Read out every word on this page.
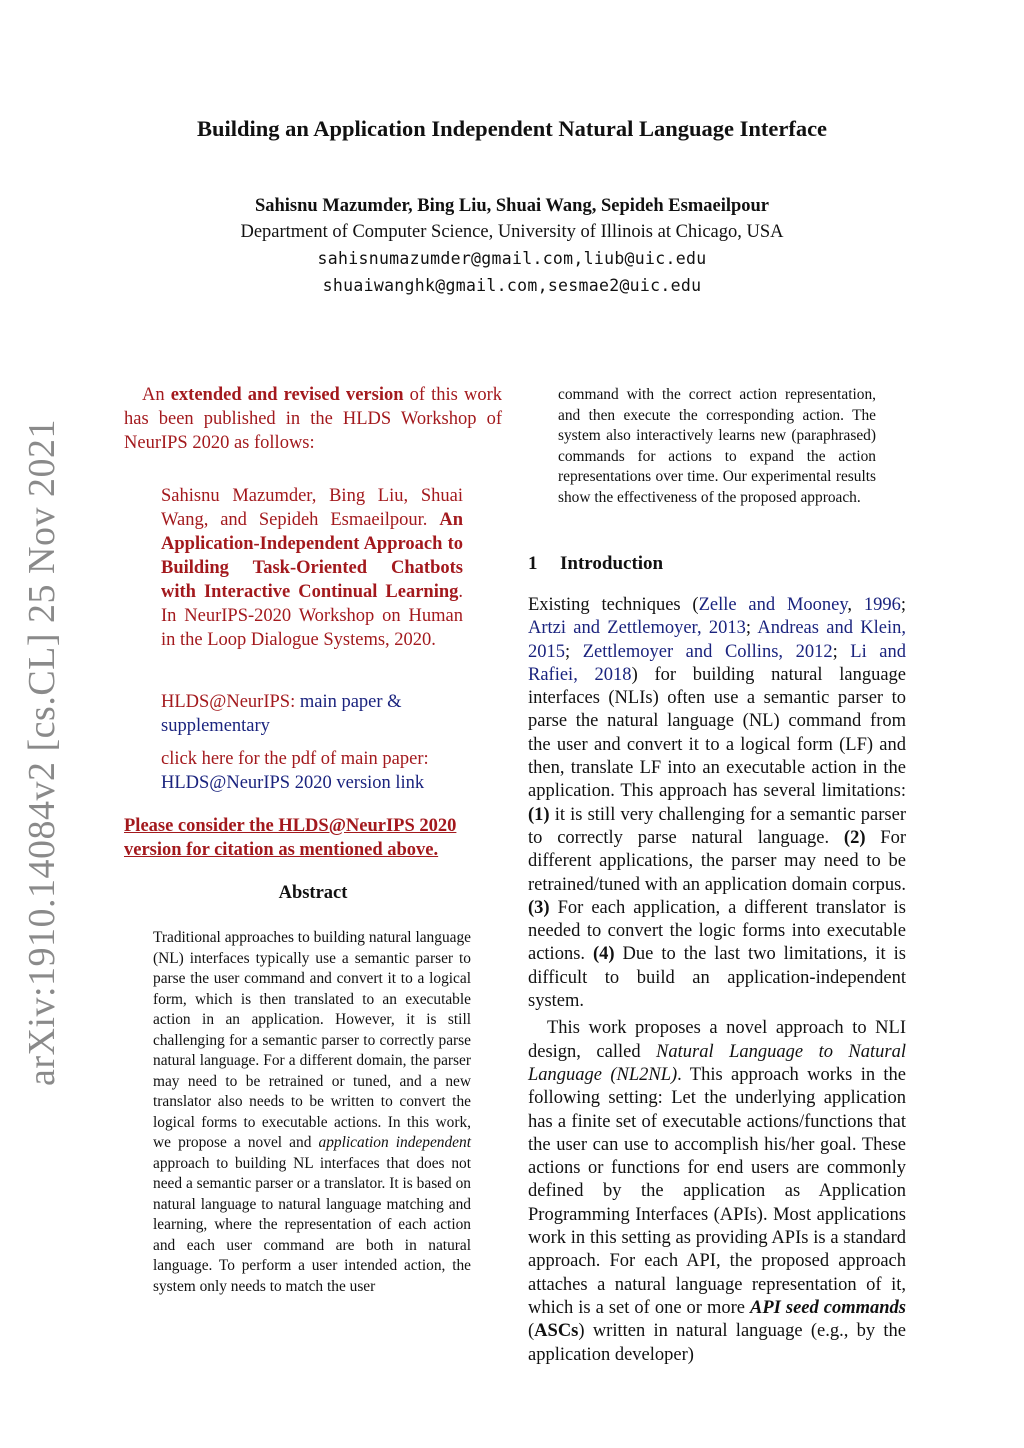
arXiv:1910.14084v2 [cs.CL] 25 Nov 2021
Building an Application Independent Natural Language Interface
Sahisnu Mazumder, Bing Liu, Shuai Wang, Sepideh Esmaeilpour
Department of Computer Science, University of Illinois at Chicago, USA
sahisnumazumder@gmail.com,liub@uic.edu
shuaiwanghk@gmail.com,sesmae2@uic.edu
An extended and revised version of this work has been published in the HLDS Workshop of NeurIPS 2020 as follows:
Sahisnu Mazumder, Bing Liu, Shuai Wang, and Sepideh Esmaeilpour. An Application-Independent Approach to Building Task-Oriented Chatbots with Interactive Continual Learning. In NeurIPS-2020 Workshop on Human in the Loop Dialogue Systems, 2020.
HLDS@NeurIPS: main paper & supplementary
click here for the pdf of main paper: HLDS@NeurIPS 2020 version link
Please consider the HLDS@NeurIPS 2020 version for citation as mentioned above.
Abstract
Traditional approaches to building natural language (NL) interfaces typically use a semantic parser to parse the user command and convert it to a logical form, which is then translated to an executable action in an application. However, it is still challenging for a semantic parser to correctly parse natural language. For a different domain, the parser may need to be retrained or tuned, and a new translator also needs to be written to convert the logical forms to executable actions. In this work, we propose a novel and application independent approach to building NL interfaces that does not need a semantic parser or a translator. It is based on natural language to natural language matching and learning, where the representation of each action and each user command are both in natural language. To perform a user intended action, the system only needs to match the user
command with the correct action representation, and then execute the corresponding action. The system also interactively learns new (paraphrased) commands for actions to expand the action representations over time. Our experimental results show the effectiveness of the proposed approach.
1 Introduction

Existing techniques (Zelle and Mooney, 1996; Artzi and Zettlemoyer, 2013; Andreas and Klein, 2015; Zettlemoyer and Collins, 2012; Li and Rafiei, 2018) for building natural language interfaces (NLIs) often use a semantic parser to parse the natural language (NL) command from the user and convert it to a logical form (LF) and then, translate LF into an executable action in the application. This approach has several limitations: (1) it is still very challenging for a semantic parser to correctly parse natural language. (2) For different applications, the parser may need to be retrained/tuned with an application domain corpus. (3) For each application, a different translator is needed to convert the logic forms into executable actions. (4) Due to the last two limitations, it is difficult to build an application-independent system.

This work proposes a novel approach to NLI design, called Natural Language to Natural Language (NL2NL). This approach works in the following setting: Let the underlying application has a finite set of executable actions/functions that the user can use to accomplish his/her goal. These actions or functions for end users are commonly defined by the application as Application Programming Interfaces (APIs). Most applications work in this setting as providing APIs is a standard approach. For each API, the proposed approach attaches a natural language representation of it, which is a set of one or more API seed commands (ASCs) written in natural language (e.g., by the application developer)
